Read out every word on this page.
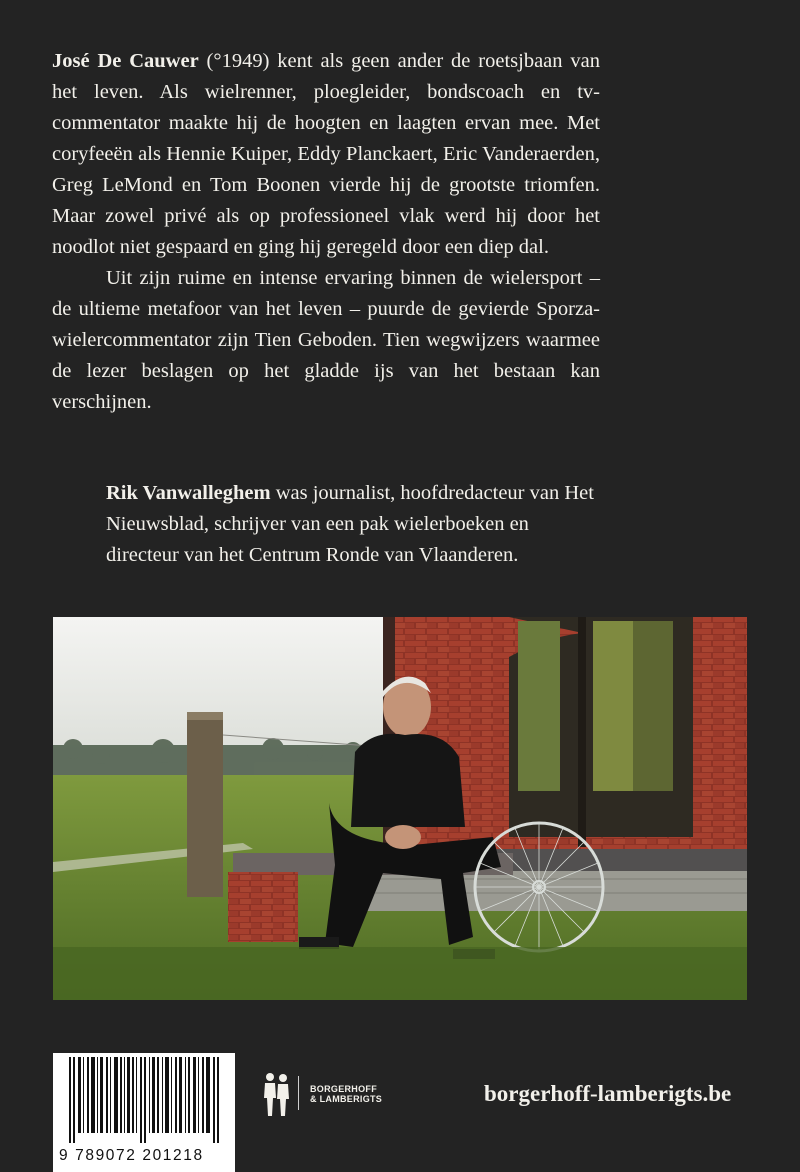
José De Cauwer (°1949) kent als geen ander de roetsjbaan van het leven. Als wielrenner, ploegleider, bondscoach en tv-commentator maakte hij de hoogten en laagten ervan mee. Met coryfeeën als Hennie Kuiper, Eddy Planckaert, Eric Vanderaerden, Greg LeMond en Tom Boonen vierde hij de grootste triomfen. Maar zowel privé als op professioneel vlak werd hij door het noodlot niet gespaard en ging hij geregeld door een diep dal.

Uit zijn ruime en intense ervaring binnen de wielersport – de ultieme metafoor van het leven – puurde de gevierde Sporza-wielercommentator zijn Tien Geboden. Tien wegwijzers waarmee de lezer beslagen op het gladde ijs van het bestaan kan verschijnen.

Rik Vanwalleghem was journalist, hoofdredacteur van Het Nieuwsblad, schrijver van een pak wielerboeken en directeur van het Centrum Ronde van Vlaanderen.
9 789072 201218
BORGERHOFF
& LAMBERIGTS	borgerhoff-lamberigts.be
